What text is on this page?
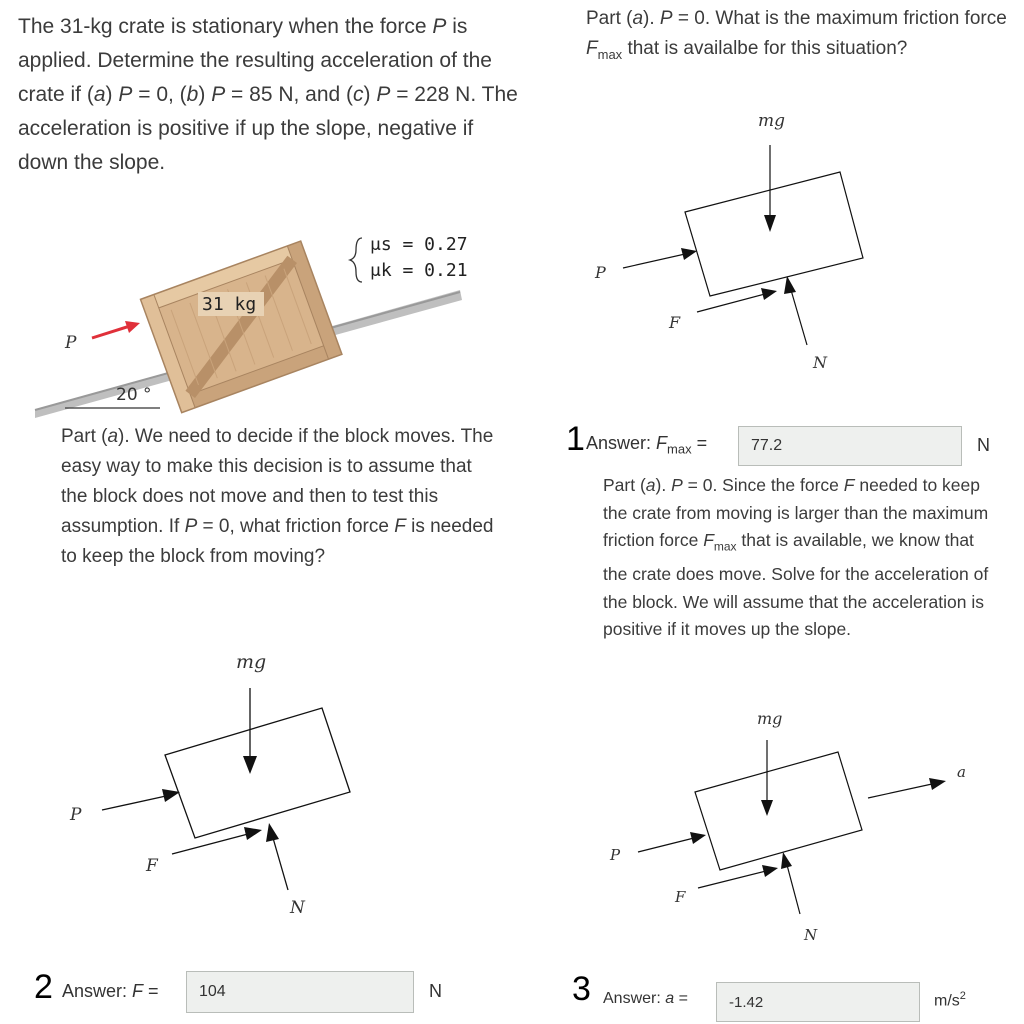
The 31-kg crate is stationary when the force P is applied. Determine the resulting acceleration of the crate if (a) P = 0, (b) P = 85 N, and (c) P = 228 N. The acceleration is positive if up the slope, negative if down the slope.
20 °
31 kg
P
μs = 0.27
μk = 0.21
Part (a). P = 0. What is the maximum friction force $F_{max}$ that is availalbe for this situation?
mg
P
F
N
1 Answer: $F_{max}$ =	77.2	N
Part (a). We need to decide if the block moves. The easy way to make this decision is to assume that the block does not move and then to test this assumption. If P = 0, what friction force F is needed to keep the block from moving?
mg
P
F
N
2 Answer: F =	104	N
Part (a). P = 0. Since the force F needed to keep the crate from moving is larger than the maximum friction force $F_{max}$ that is available, we know that the crate does move. Solve for the acceleration of the block. We will assume that the acceleration is positive if it moves up the slope.
mg
P
F
N
a
3 Answer: a =	-1.42	$m/s^2$
